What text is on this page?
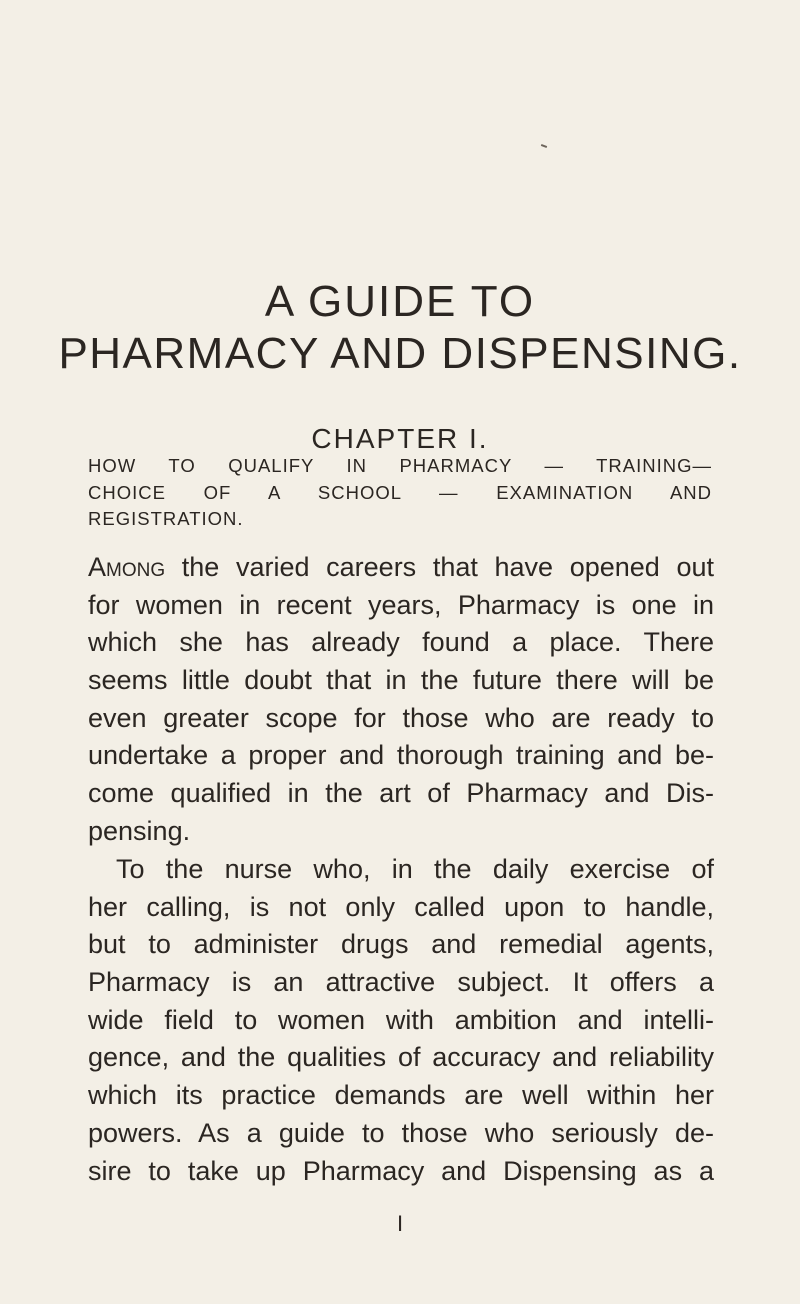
A GUIDE TO
PHARMACY AND DISPENSING.
CHAPTER I.
HOW TO QUALIFY IN PHARMACY — TRAINING—
CHOICE OF A SCHOOL — EXAMINATION AND
REGISTRATION.
Among the varied careers that have opened out
for women in recent years, Pharmacy is one in
which she has already found a place. There
seems little doubt that in the future there will be
even greater scope for those who are ready to
undertake a proper and thorough training and be-
come qualified in the art of Pharmacy and Dis-
pensing.
To the nurse who, in the daily exercise of
her calling, is not only called upon to handle,
but to administer drugs and remedial agents,
Pharmacy is an attractive subject. It offers a
wide field to women with ambition and intelli-
gence, and the qualities of accuracy and reliability
which its practice demands are well within her
powers. As a guide to those who seriously de-
sire to take up Pharmacy and Dispensing as a
I
